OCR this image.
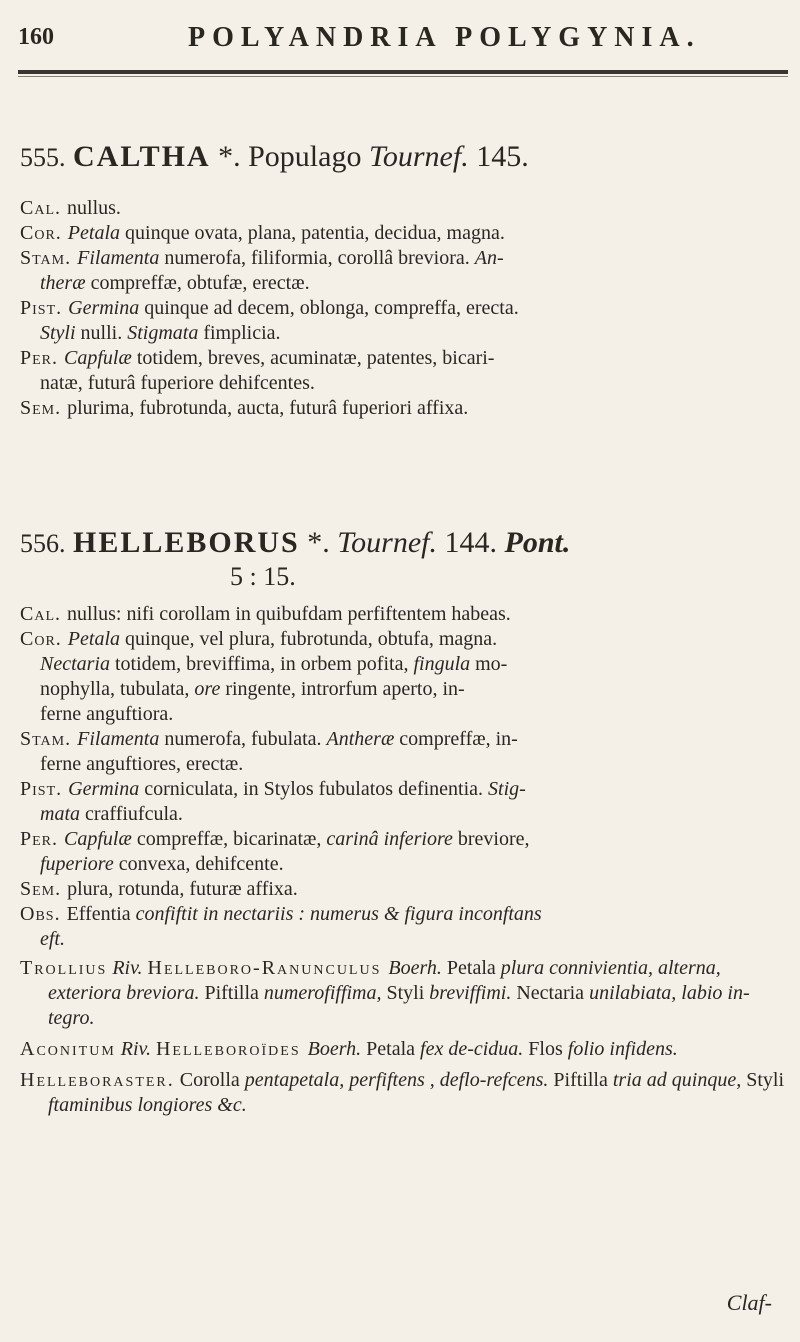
160	POLYANDRIA POLYGYNIA.
555. CALTHA *. Populago Tournef. 145.

Cal. nullus.

Cor. Petala quinque ovata, plana, patentia, decidua, magna.

Stam. Filamenta numerofa, filiformia, corollâ breviora. An-

 theræ compreffæ, obtufæ, erectæ.

Pist. Germina quinque ad decem, oblonga, compreffa, erecta.

 Styli nulli. Stigmata fimplicia.

Per. Capfulæ totidem, breves, acuminatæ, patentes, bicari-

 natæ, futurâ fuperiore dehifcentes.

Sem. plurima, fubrotunda, aucta, futurâ fuperiori affixa.

556. HELLEBORUS *. Tournef. 144. Pont.
5 : 15.

Cal. nullus: nifi corollam in quibufdam perfiftentem habeas.

Cor. Petala quinque, vel plura, fubrotunda, obtufa, magna.

 Nectaria totidem, breviffima, in orbem pofita, fingula mo-

 nophylla, tubulata, ore ringente, introrfum aperto, in-

 ferne anguftiora.

Stam. Filamenta numerofa, fubulata. Antheræ compreffæ, in-

 ferne anguftiores, erectæ.

Pist. Germina corniculata, in Stylos fubulatos definentia. Stig-

 mata craffiufcula.

Per. Capfulæ compreffæ, bicarinatæ, carinâ inferiore breviore,

 fuperiore convexa, dehifcente.

Sem. plura, rotunda, futuræ affixa.

Obs. Effentia confiftit in nectariis : numerus & figura inconftans

 eft.

Trollius Riv. Helleboro-Ranunculus Boerh. Petala plura connivientia, alterna, exteriora breviora. Piftilla numerofiffima, Styli breviffimi. Nectaria unilabiata, labio in-tegro.

Aconitum Riv. Helleboroïdes Boerh. Petala fex de-cidua. Flos folio infidens.

Helleboraster. Corolla pentapetala, perfiftens , deflo-refcens. Piftilla tria ad quinque, Styli ftaminibus longiores &c.

Claf-
